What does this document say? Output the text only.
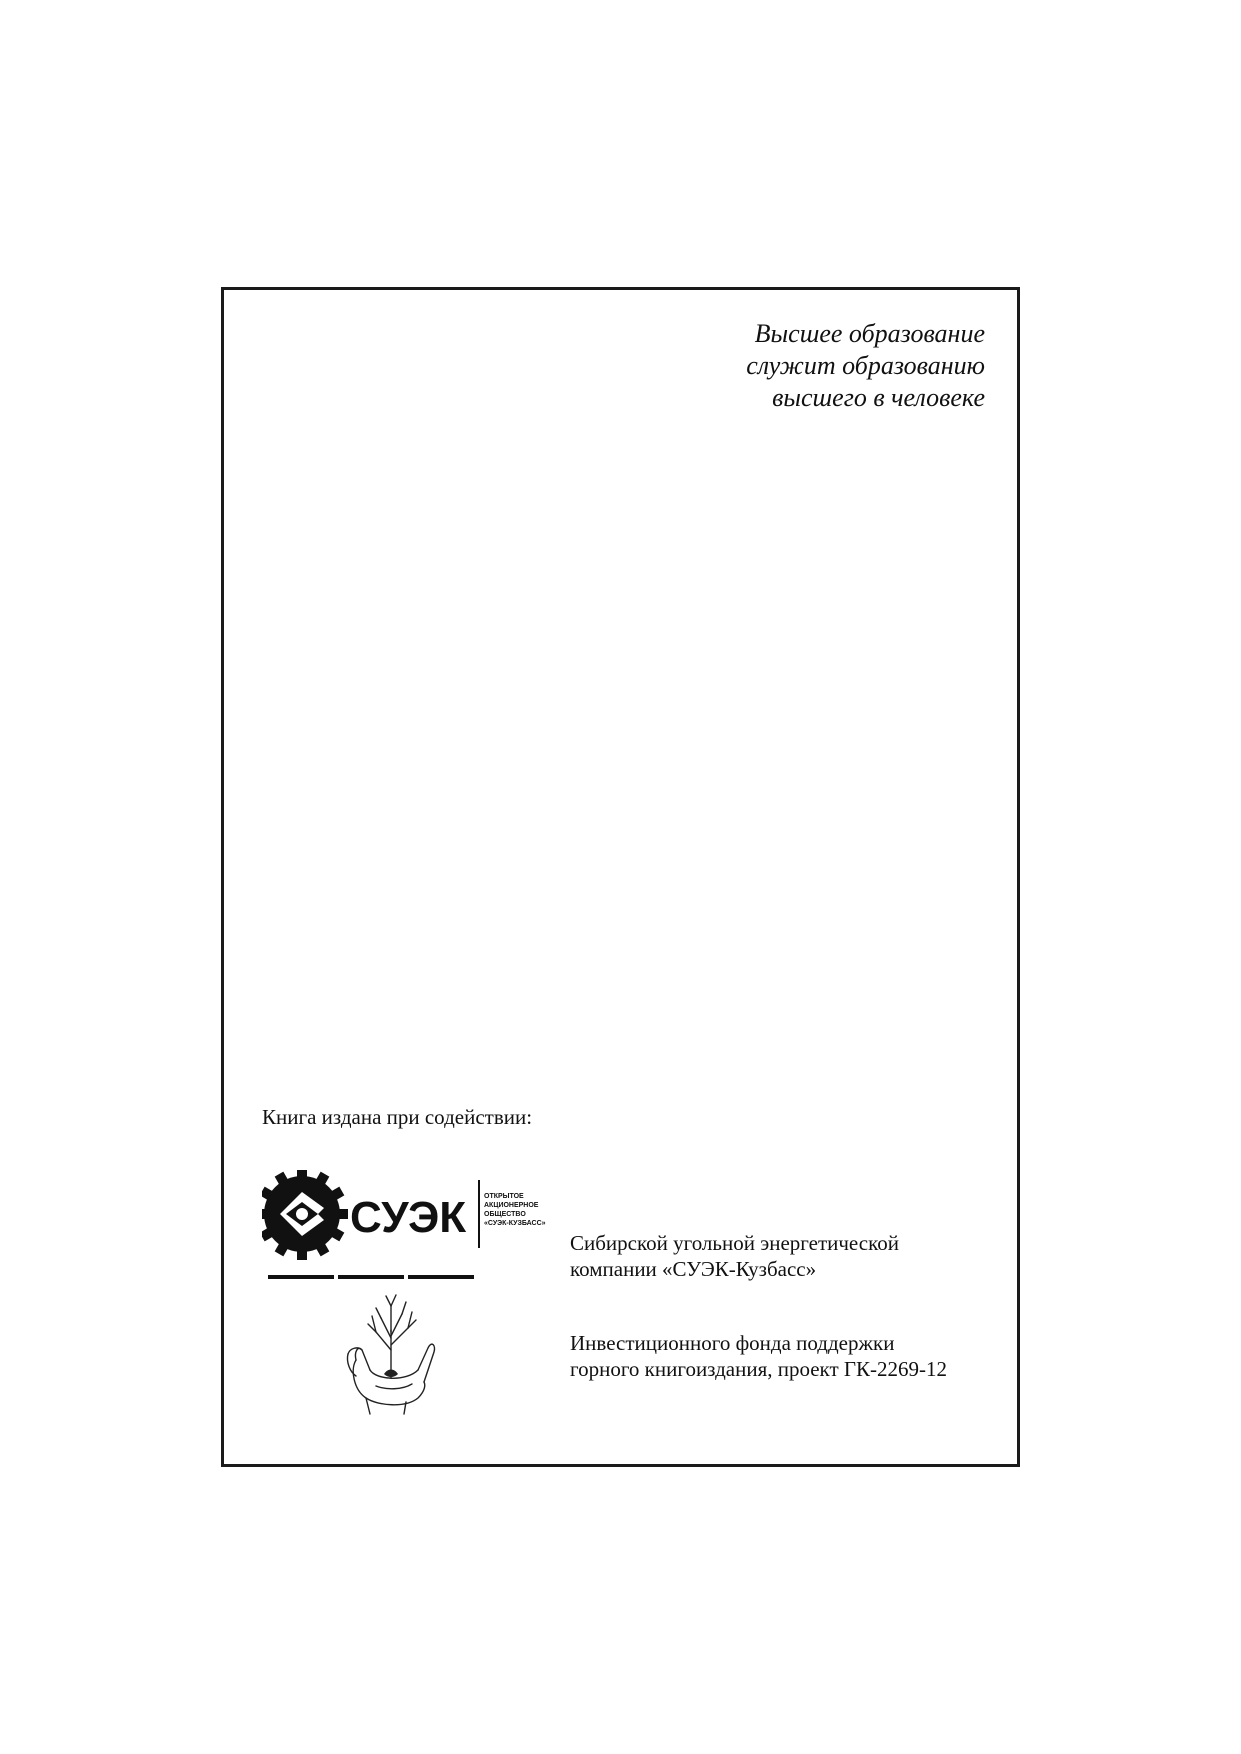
Высшее образование
служит образованию
высшего в человеке
Книга издана при содействии:
СУЭК	ОТКРЫТОЕ АКЦИОНЕРНОЕ ОБЩЕСТВО «СУЭК-КУЗБАСС»
Сибирской угольной энергетической
компании «СУЭК-Кузбасс»
Инвестиционного фонда поддержки
горного книгоиздания, проект ГК-2269-12
